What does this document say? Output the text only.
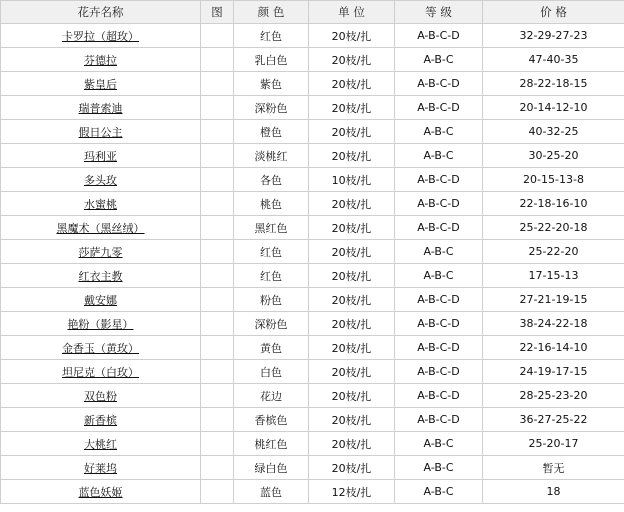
花卉名称	图	颜 色	单 位	等 级	价 格
卡罗拉（超玫）		红色	20枝/扎	A-B-C-D	32-29-27-23
芬德拉		乳白色	20枝/扎	A-B-C	47-40-35
紫皇后		紫色	20枝/扎	A-B-C-D	28-22-18-15
瑞普索迪		深粉色	20枝/扎	A-B-C-D	20-14-12-10
假日公主		橙色	20枝/扎	A-B-C	40-32-25
玛利亚		淡桃红	20枝/扎	A-B-C	30-25-20
多头玫		各色	10枝/扎	A-B-C-D	20-15-13-8
水蜜桃		桃色	20枝/扎	A-B-C-D	22-18-16-10
黑魔术（黑丝绒）		黑红色	20枝/扎	A-B-C-D	25-22-20-18
莎萨九零		红色	20枝/扎	A-B-C	25-22-20
红衣主教		红色	20枝/扎	A-B-C	17-15-13
戴安娜		粉色	20枝/扎	A-B-C-D	27-21-19-15
艳粉（影星）		深粉色	20枝/扎	A-B-C-D	38-24-22-18
金香玉（黄玫）		黄色	20枝/扎	A-B-C-D	22-16-14-10
坦尼克（白玫）		白色	20枝/扎	A-B-C-D	24-19-17-15
双色粉		花边	20枝/扎	A-B-C-D	28-25-23-20
新香槟		香槟色	20枝/扎	A-B-C-D	36-27-25-22
大桃红		桃红色	20枝/扎	A-B-C	25-20-17
好莱坞		绿白色	20枝/扎	A-B-C	暂无
蓝色妖姬		蓝色	12枝/扎	A-B-C	18
